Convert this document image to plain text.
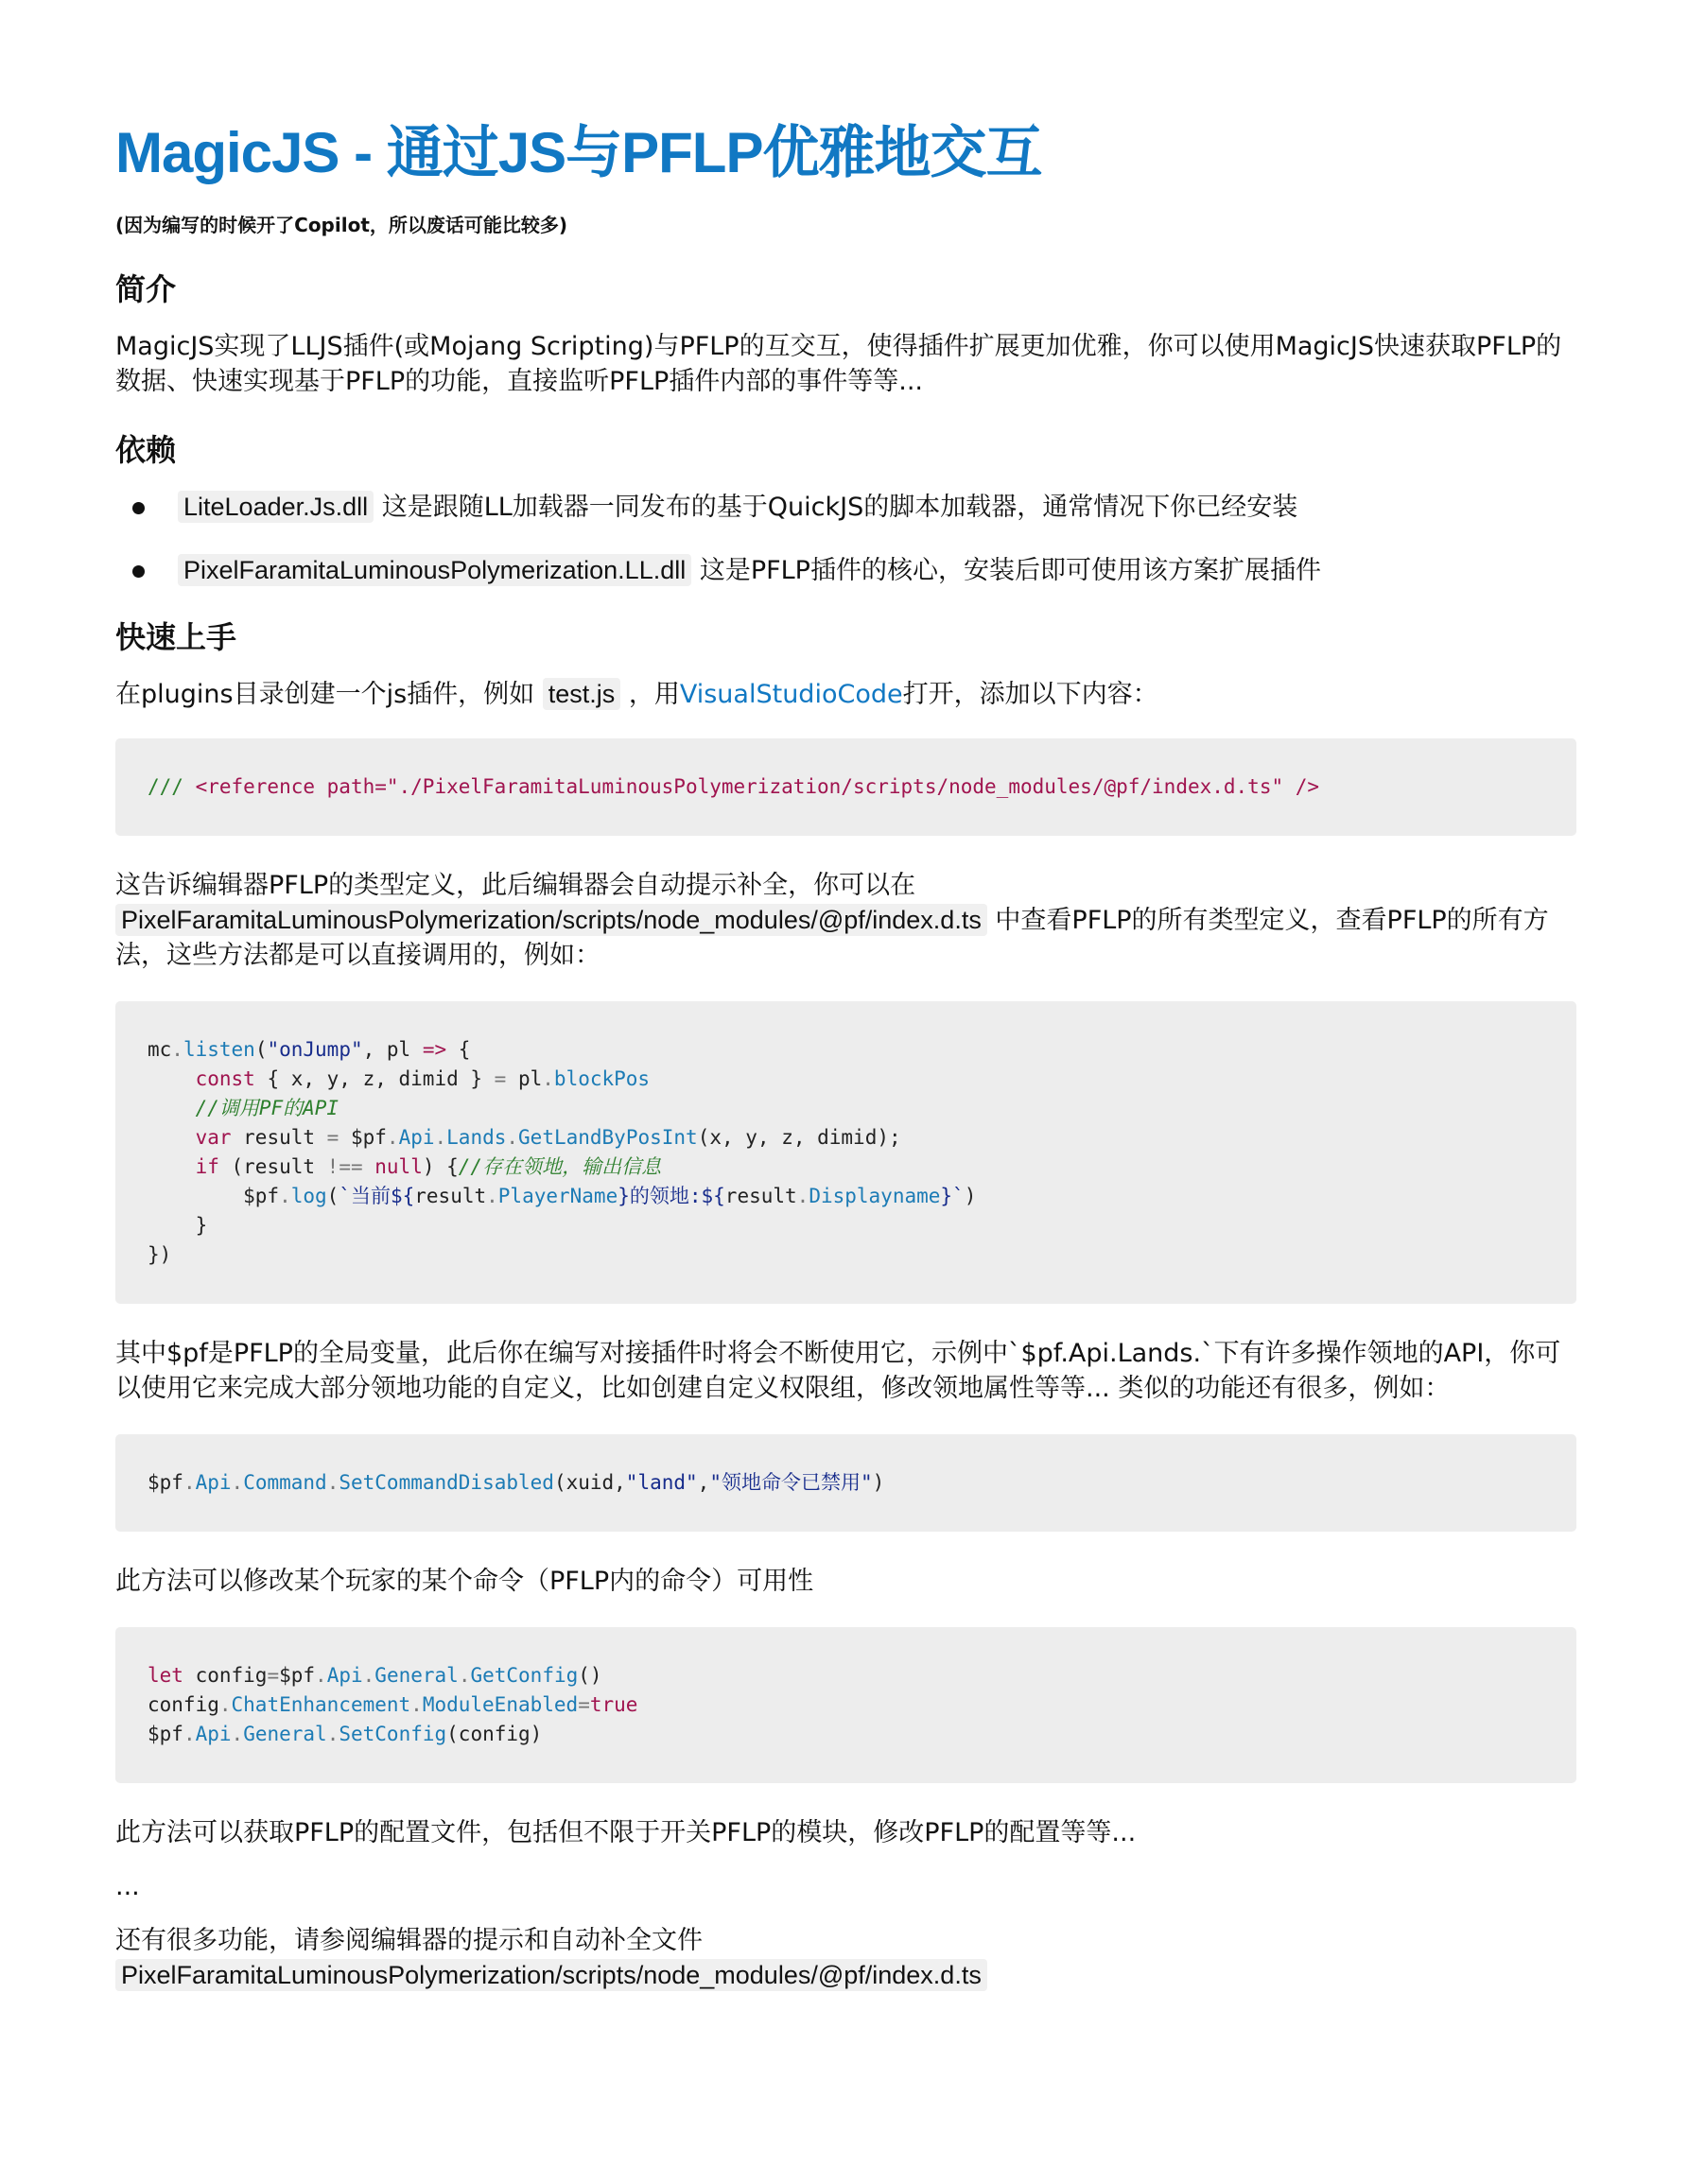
MagicJS - 通过JS与PFLP优雅地交互
(因为编写的时候开了Copilot，所以废话可能比较多)
简介

MagicJS实现了LLJS插件(或Mojang Scripting)与PFLP的互交互，使得插件扩展更加优雅，你可以使用MagicJS快速获取PFLP的数据、快速实现基于PFLP的功能，直接监听PFLP插件内部的事件等等...

依赖
LiteLoader.Js.dll 这是跟随LL加载器一同发布的基于QuickJS的脚本加载器，通常情况下你已经安装
PixelFaramitaLuminousPolymerization.LL.dll 这是PFLP插件的核心，安装后即可使用该方案扩展插件
快速上手

在plugins目录创建一个js插件，例如 test.js ，用VisualStudioCode打开，添加以下内容：

/// <reference path="./PixelFaramitaLuminousPolymerization/scripts/node_modules/@pf/index.d.ts" />

这告诉编辑器PFLP的类型定义，此后编辑器会自动提示补全，你可以在 PixelFaramitaLuminousPolymerization/scripts/node_modules/@pf/index.d.ts 中查看PFLP的所有类型定义，查看PFLP的所有方法，这些方法都是可以直接调用的，例如：

mc.listen("onJump", pl => {
const { x, y, z, dimid } = pl.blockPos
//调用PF的API
var result = $pf.Api.Lands.GetLandByPosInt(x, y, z, dimid);
if (result !== null) {//存在领地，输出信息
$pf.log(`当前${result.PlayerName}的领地:${result.Displayname}`)
}
})

其中$pf是PFLP的全局变量，此后你在编写对接插件时将会不断使用它，示例中`$pf.Api.Lands.`下有许多操作领地的API，你可以使用它来完成大部分领地功能的自定义，比如创建自定义权限组，修改领地属性等等... 类似的功能还有很多，例如：

$pf.Api.Command.SetCommandDisabled(xuid,"land","领地命令已禁用")

此方法可以修改某个玩家的某个命令（PFLP内的命令）可用性

let config=$pf.Api.General.GetConfig()
config.ChatEnhancement.ModuleEnabled=true
$pf.Api.General.SetConfig(config)

此方法可以获取PFLP的配置文件，包括但不限于开关PFLP的模块，修改PFLP的配置等等...

...

还有很多功能，请参阅编辑器的提示和自动补全文件 PixelFaramitaLuminousPolymerization/scripts/node_modules/@pf/index.d.ts
